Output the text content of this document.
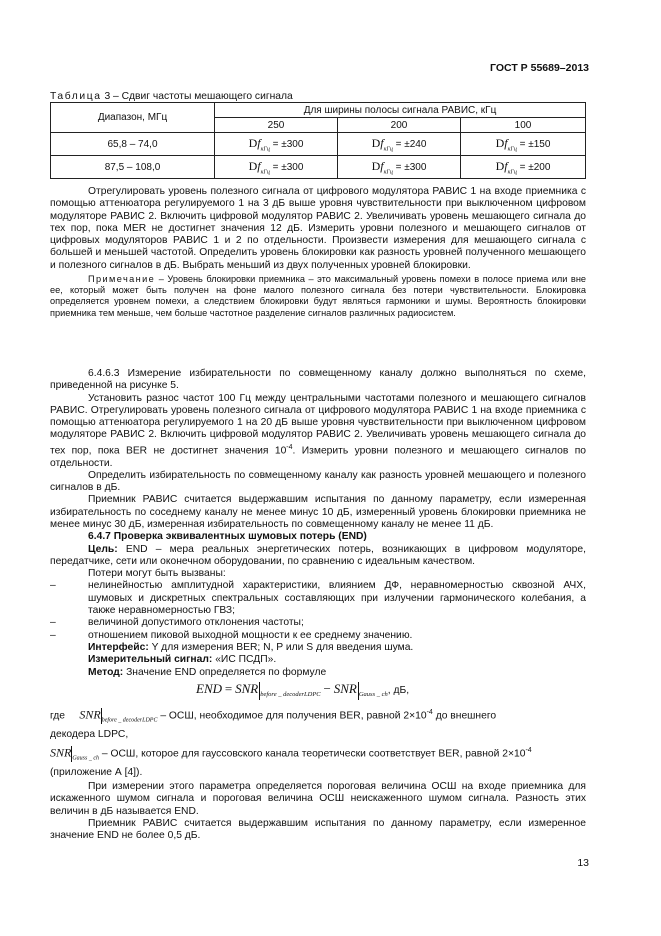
ГОСТ Р 55689–2013
Таблица 3 – Сдвиг частоты мешающего сигнала
Диапазон, МГц	Для ширины полосы сигнала РАВИС, кГц		
	250	200	100
65,8 – 74,0	$Df_{кГц} = \pm 300$	$Df_{кГц} = \pm 240$	$Df_{кГц} = \pm 150$
87,5 – 108,0	$Df_{кГц} = \pm 300$	$Df_{кГц} = \pm 300$	$Df_{кГц} = \pm 200$

Отрегулировать уровень полезного сигнала от цифрового модулятора РАВИС 1 на входе приемника с помощью аттенюатора регулируемого 1 на 3 дБ выше уровня чувствительности при выключенном цифровом модуляторе РАВИС 2. Включить цифровой модулятор РАВИС 2. Увеличивать уровень мешающего сигнала до тех пор, пока MER не достигнет значения 12 дБ. Измерить уровни полезного и мешающего сигналов от цифровых модуляторов РАВИС 1 и 2 по отдельности. Произвести измерения для мешающего сигнала с большей и меньшей частотой. Определить уровень блокировки как разность уровней полученного мешающего и полезного сигналов в дБ. Выбрать меньший из двух полученных уровней блокировки.

Примечание – Уровень блокировки приемника – это максимальный уровень помехи в полосе приема или вне ее, который может быть получен на фоне малого полезного сигнала без потери чувствительности. Блокировка определяется уровнем помехи, а следствием блокировки будут являться гармоники и шумы. Вероятность блокировки приемника тем меньше, чем больше частотное разделение сигналов различных радиосистем.

6.4.6.3 Измерение избирательности по совмещенному каналу должно выполняться по схеме, приведенной на рисунке 5.

Установить разнос частот 100 Гц между центральными частотами полезного и мешающего сигналов РАВИС. Отрегулировать уровень полезного сигнала от цифрового модулятора РАВИС 1 на входе приемника с помощью аттенюатора регулируемого 1 на 20 дБ выше уровня чувствительности при выключенном цифровом модуляторе РАВИС 2. Включить цифровой модулятор РАВИС 2. Увеличивать уровень мешающего сигнала до тех пор, пока BER не достигнет значения $10^{-4}$. Измерить уровни полезного и мешающего сигналов по отдельности.

Определить избирательность по совмещенному каналу как разность уровней мешающего и полезного сигналов в дБ.

Приемник РАВИС считается выдержавшим испытания по данному параметру, если измеренная избирательность по соседнему каналу не менее минус 10 дБ, измеренный уровень блокировки приемника не менее минус 30 дБ, измеренная избирательность по совмещенному каналу не менее 11 дБ.

6.4.7 Проверка эквивалентных шумовых потерь (END)

Цель: END – мера реальных энергетических потерь, возникающих в цифровом модуляторе, передатчике, сети или оконечном оборудовании, по сравнению с идеальным качеством.

Потери могут быть вызваны:

–	нелинейностью амплитудной характеристики, влиянием ДФ, неравномерностью сквозной АЧХ, шумовых и дискретных спектральных составляющих при излучении гармонического колебания, а также неравномерностью ГВЗ;

–	величиной допустимого отклонения частоты;

–	отношением пиковой выходной мощности к ее среднему значению.

Интерфейс: Y для измерения BER; N, P или S для введения шума.

Измерительный сигнал: «ИС ПСДП».

Метод: Значение END определяется по формуле

END = SNR $_{before \_ decoderLDPC}$ − SNR $_{Gauss \_ ch}$, дБ,

где $SNR_{before \_ decoderLDPC}$ – ОСШ, необходимое для получения BER, равной $2\times 10^{-4}$ до внешнего

декодера LDPC,

$SNR_{Gauss \_ ch}$ – ОСШ, которое для гауссовского канала теоретически соответствует BER, равной $2\times 10^{-4}$

(приложение А [4]).

При измерении этого параметра определяется пороговая величина ОСШ на входе приемника для искаженного шумом сигнала и пороговая величина ОСШ неискаженного шумом сигнала. Разность этих величин в дБ называется END.

Приемник РАВИС считается выдержавшим испытания по данному параметру, если измеренное значение END не более 0,5 дБ.

13
